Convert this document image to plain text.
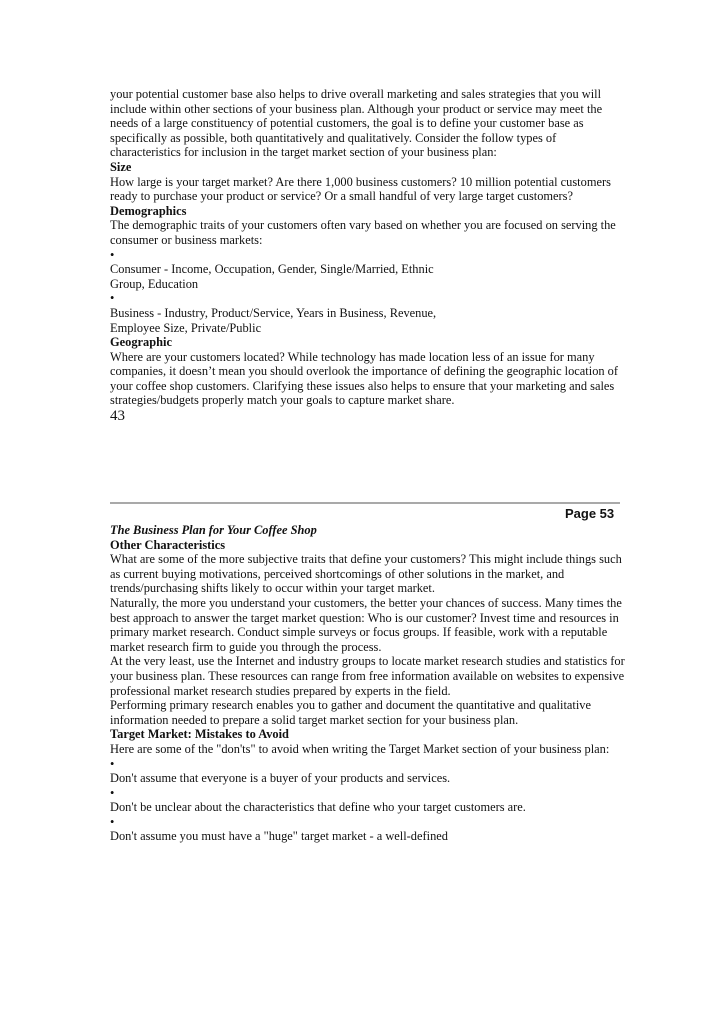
your potential customer base also helps to drive overall marketing and sales strategies that you will include within other sections of your business plan. Although your product or service may meet the needs of a large constituency of potential customers, the goal is to define your customer base as specifically as possible, both quantitatively and qualitatively. Consider the follow types of characteristics for inclusion in the target market section of your business plan:

Size

How large is your target market? Are there 1,000 business customers? 10 million potential customers ready to purchase your product or service? Or a small handful of very large target customers?

Demographics

The demographic traits of your customers often vary based on whether you are focused on serving the consumer or business markets:

•

Consumer - Income, Occupation, Gender, Single/Married, Ethnic Group, Education

•

Business - Industry, Product/Service, Years in Business, Revenue, Employee Size, Private/Public

Geographic

Where are your customers located? While technology has made location less of an issue for many companies, it doesn’t mean you should overlook the importance of defining the geographic location of your coffee shop customers. Clarifying these issues also helps to ensure that your marketing and sales strategies/budgets properly match your goals to capture market share.

43

Page 53

The Business Plan for Your Coffee Shop

Other Characteristics

What are some of the more subjective traits that define your customers? This might include things such as current buying motivations, perceived shortcomings of other solutions in the market, and trends/purchasing shifts likely to occur within your target market.

Naturally, the more you understand your customers, the better your chances of success. Many times the best approach to answer the target market question: Who is our customer? Invest time and resources in primary market research. Conduct simple surveys or focus groups. If feasible, work with a reputable market research firm to guide you through the process.

At the very least, use the Internet and industry groups to locate market research studies and statistics for your business plan. These resources can range from free information available on websites to expensive professional market research studies prepared by experts in the field.

Performing primary research enables you to gather and document the quantitative and qualitative information needed to prepare a solid target market section for your business plan.

Target Market: Mistakes to Avoid

Here are some of the "don'ts" to avoid when writing the Target Market section of your business plan:

•

Don't assume that everyone is a buyer of your products and services.

•

Don't be unclear about the characteristics that define who your target customers are.

•

Don't assume you must have a "huge" target market - a well-defined
